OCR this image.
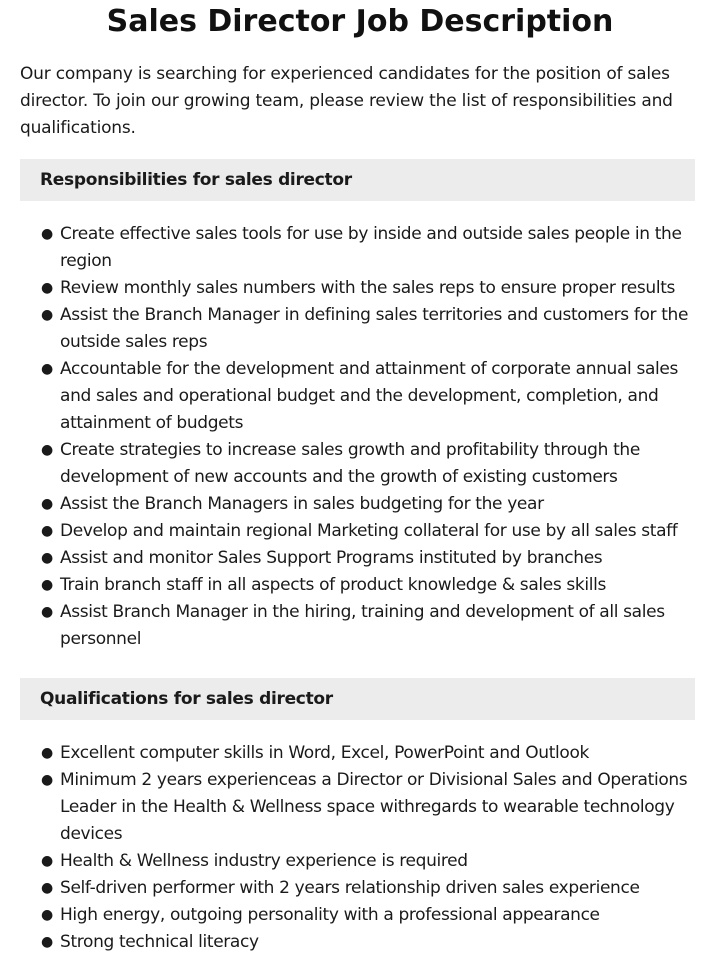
Sales Director Job Description

Our company is searching for experienced candidates for the position of sales director. To join our growing team, please review the list of responsibilities and qualifications.

Responsibilities for sales director
● Create effective sales tools for use by inside and outside sales people in the region
● Review monthly sales numbers with the sales reps to ensure proper results
● Assist the Branch Manager in defining sales territories and customers for the outside sales reps
● Accountable for the development and attainment of corporate annual sales and sales and operational budget and the development, completion, and attainment of budgets
● Create strategies to increase sales growth and profitability through the development of new accounts and the growth of existing customers
● Assist the Branch Managers in sales budgeting for the year
● Develop and maintain regional Marketing collateral for use by all sales staff
● Assist and monitor Sales Support Programs instituted by branches
● Train branch staff in all aspects of product knowledge & sales skills
● Assist Branch Manager in the hiring, training and development of all sales personnel
Qualifications for sales director
● Excellent computer skills in Word, Excel, PowerPoint and Outlook
● Minimum 2 years experienceas a Director or Divisional Sales and Operations Leader in the Health & Wellness space withregards to wearable technology devices
● Health & Wellness industry experience is required
● Self-driven performer with 2 years relationship driven sales experience
● High energy, outgoing personality with a professional appearance
● Strong technical literacy
